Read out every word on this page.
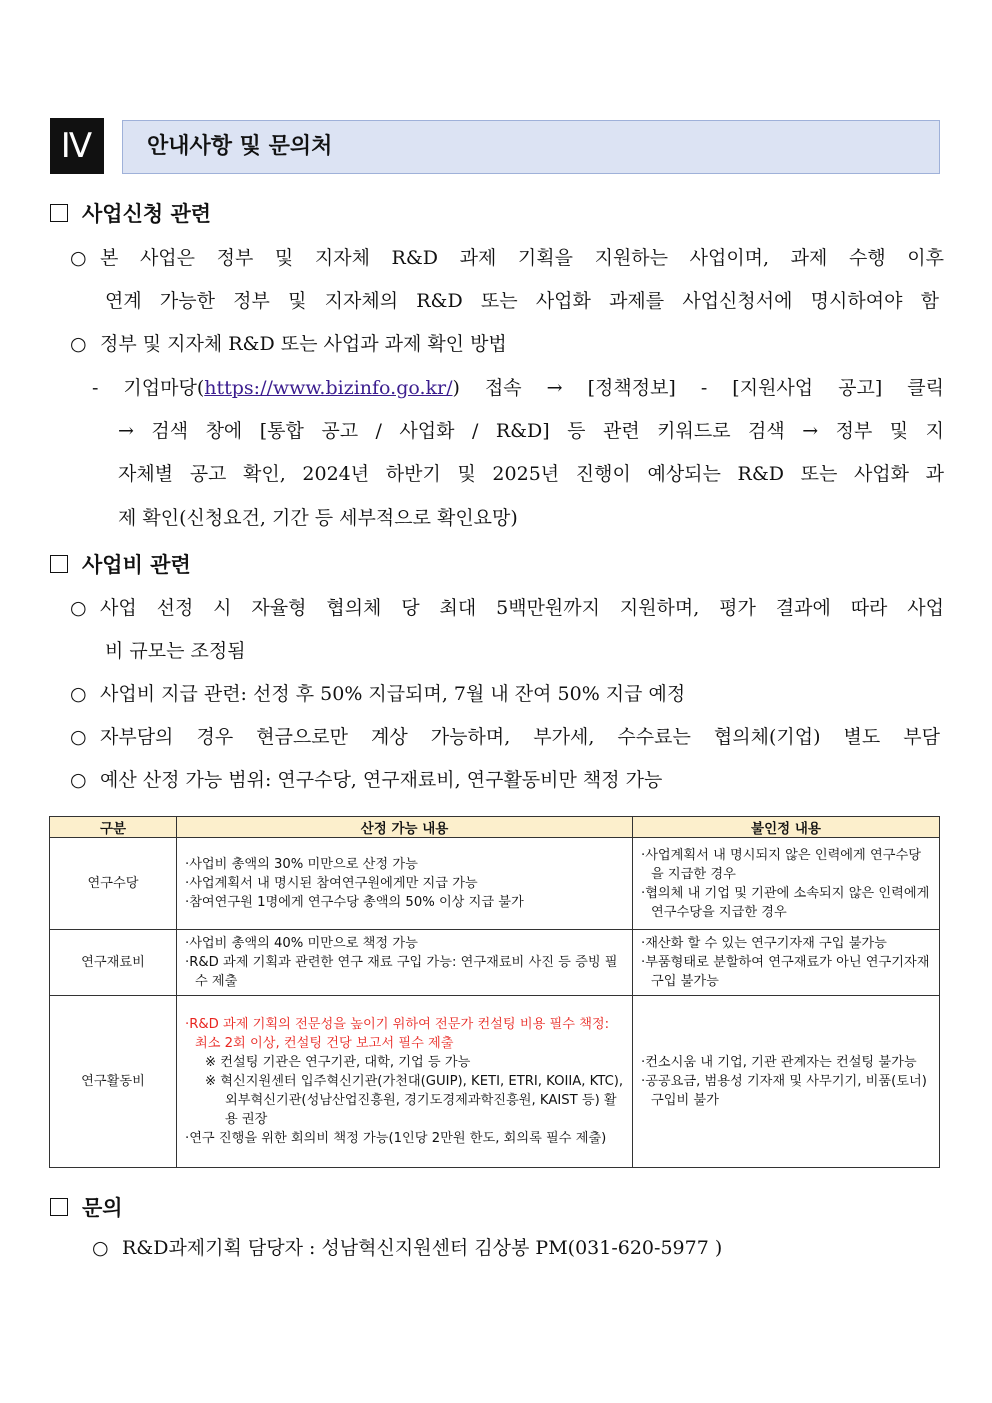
Ⅳ	안내사항 및 문의처
사업신청 관련
○ 본 사업은 정부 및 지자체 R&D 과제 기획을 지원하는 사업이며, 과제 수행 이후
연계 가능한 정부 및 지자체의 R&D 또는 사업화 과제를 사업신청서에 명시하여야 함
○ 정부 및 지자체 R&D 또는 사업과 과제 확인 방법
- 기업마당(https://www.bizinfo.go.kr/) 접속 → [정책정보] - [지원사업 공고] 클릭
→ 검색 창에 [통합 공고 / 사업화 / R&D] 등 관련 키워드로 검색 → 정부 및 지
자체별 공고 확인, 2024년 하반기 및 2025년 진행이 예상되는 R&D 또는 사업화 과
제 확인(신청요건, 기간 등 세부적으로 확인요망)
사업비 관련
○ 사업 선정 시 자율형 협의체 당 최대 5백만원까지 지원하며, 평가 결과에 따라 사업
비 규모는 조정됨
○ 사업비 지급 관련: 선정 후 50% 지급되며, 7월 내 잔여 50% 지급 예정
○ 자부담의 경우 현금으로만 계상 가능하며, 부가세, 수수료는 협의체(기업) 별도 부담
○ 예산 산정 가능 범위: 연구수당, 연구재료비, 연구활동비만 책정 가능
구분	산정 가능 내용	불인정 내용
연구수당	·사업비 총액의 30% 미만으로 산정 가능
·사업계획서 내 명시된 참여연구원에게만 지급 가능
·참여연구원 1명에게 연구수당 총액의 50% 이상 지급 불가	·사업계획서 내 명시되지 않은 인력에게 연구수당을 지급한 경우
·협의체 내 기업 및 기관에 소속되지 않은 인력에게 연구수당을 지급한 경우

연구재료비	·사업비 총액의 40% 미만으로 책정 가능
·R&D 과제 기획과 관련한 연구 재료 구입 가능: 연구재료비 사진 등 증빙 필수 제출	·재산화 할 수 있는 연구기자재 구입 불가능
·부품형태로 분할하여 연구재료가 아닌 연구기자재 구입 불가능

연구활동비	·R&D 과제 기획의 전문성을 높이기 위하여 전문가 컨설팅 비용 필수 책정: 최소 2회 이상, 컨설팅 건당 보고서 필수 제출
※ 컨설팅 기관은 연구기관, 대학, 기업 등 가능
※ 혁신지원센터 입주혁신기관(가천대(GUIP), KETI, ETRI, KOIIA, KTC), 외부혁신기관(성남산업진흥원, 경기도경제과학진흥원, KAIST 등) 활용 권장
·연구 진행을 위한 회의비 책정 가능(1인당 2만원 한도, 회의록 필수 제출)	·컨소시움 내 기업, 기관 관계자는 컨설팅 불가능
·공공요금, 범용성 기자재 및 사무기기, 비품(토너) 구입비 불가
문의
○ R&D과제기획 담당자 : 성남혁신지원센터 김상봉 PM(031-620-5977 )
